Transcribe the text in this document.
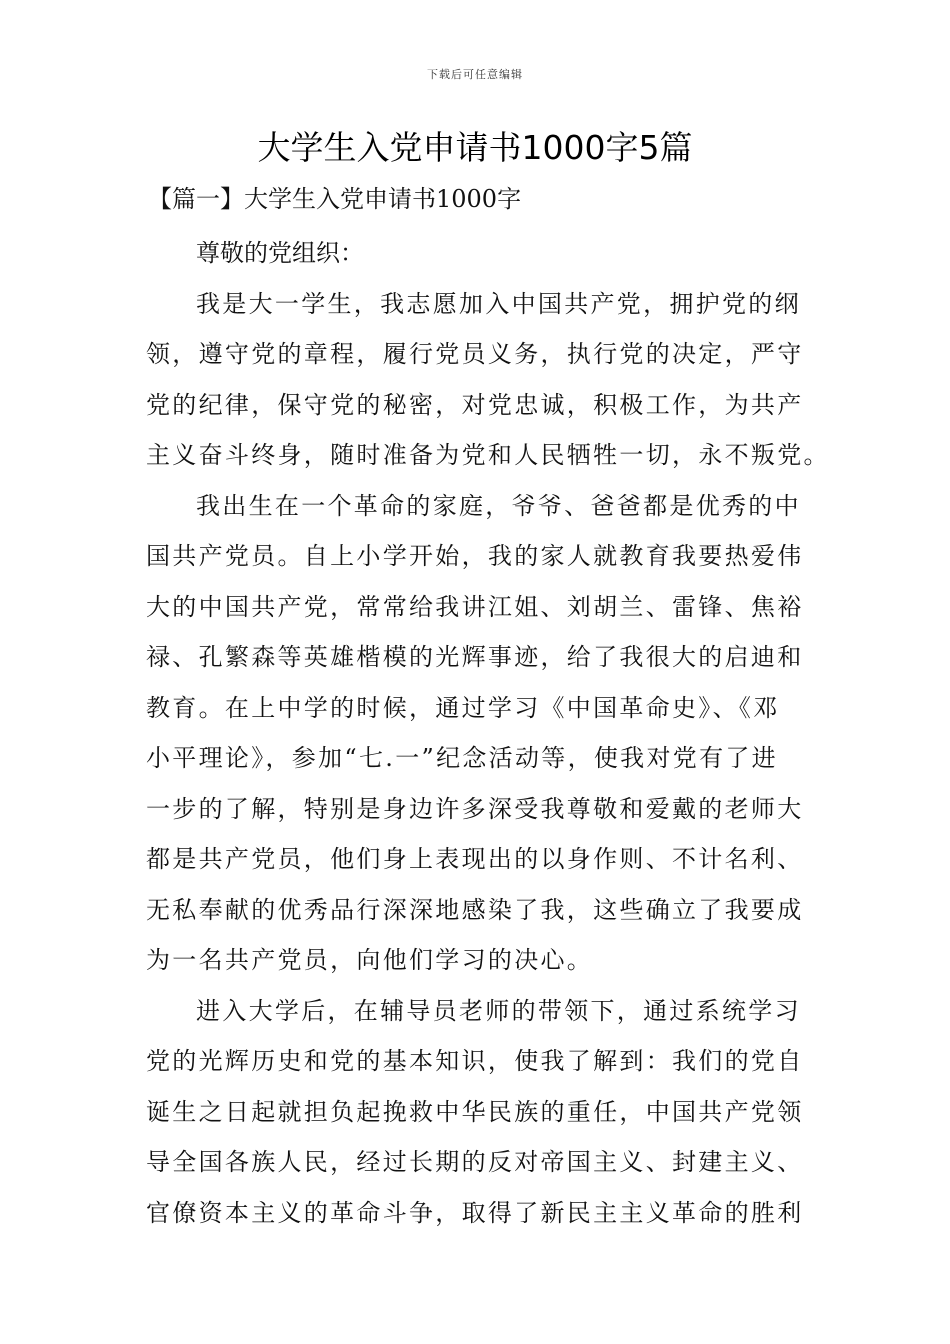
下载后可任意编辑
大学生入党申请书1000字5篇
【篇一】大学生入党申请书1000字

尊敬的党组织：

我是大一学生，我志愿加入中国共产党，拥护党的纲
领，遵守党的章程，履行党员义务，执行党的决定，严守
党的纪律，保守党的秘密，对党忠诚，积极工作，为共产
主义奋斗终身，随时准备为党和人民牺牲一切，永不叛党。

我出生在一个革命的家庭，爷爷、爸爸都是优秀的中
国共产党员。自上小学开始，我的家人就教育我要热爱伟
大的中国共产党，常常给我讲江姐、刘胡兰、雷锋、焦裕
禄、孔繁森等英雄楷模的光辉事迹，给了我很大的启迪和
教育。在上中学的时候，通过学习《中国革命史》、《邓
小平理论》，参加“七.一”纪念活动等，使我对党有了进
一步的了解，特别是身边许多深受我尊敬和爱戴的老师大
都是共产党员，他们身上表现出的以身作则、不计名利、
无私奉献的优秀品行深深地感染了我，这些确立了我要成
为一名共产党员，向他们学习的决心。

进入大学后，在辅导员老师的带领下，通过系统学习
党的光辉历史和党的基本知识，使我了解到：我们的党自
诞生之日起就担负起挽救中华民族的重任，中国共产党领
导全国各族人民，经过长期的反对帝国主义、封建主义、
官僚资本主义的革命斗争，取得了新民主主义革命的胜利
